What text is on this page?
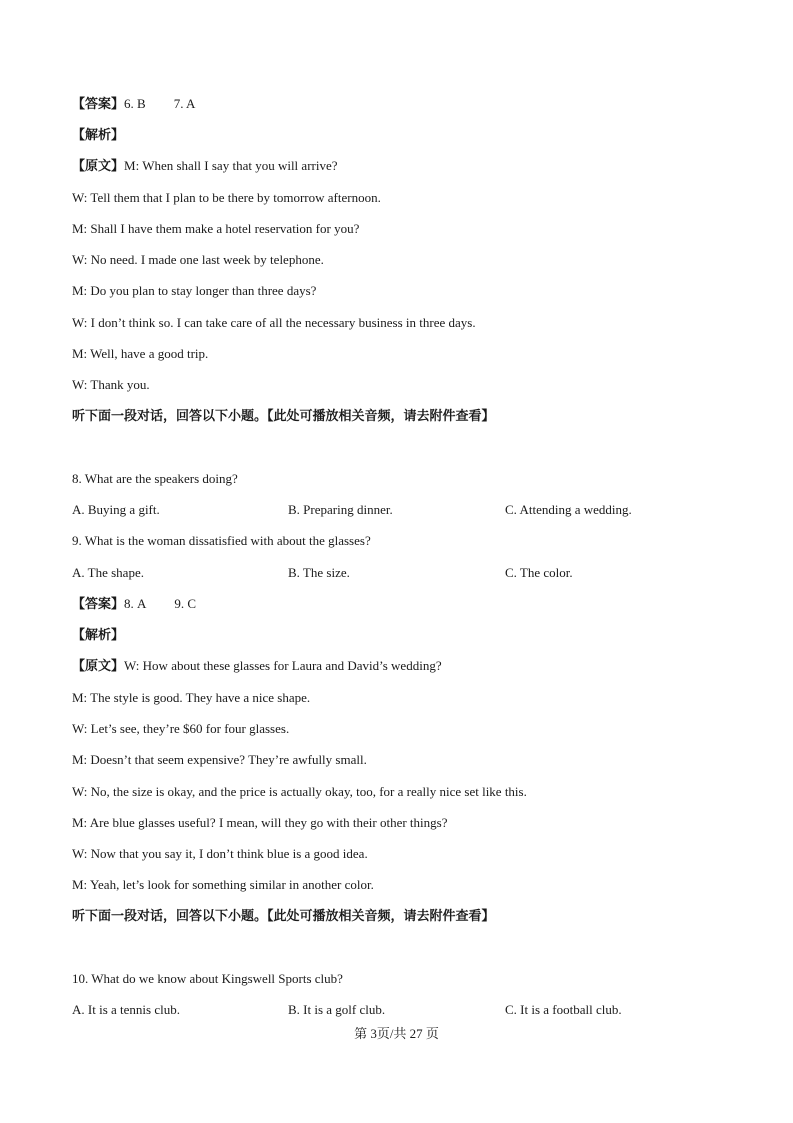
【答案】6. B 7. A
【解析】
【原文】M: When shall I say that you will arrive?
W: Tell them that I plan to be there by tomorrow afternoon.
M: Shall I have them make a hotel reservation for you?
W: No need. I made one last week by telephone.
M: Do you plan to stay longer than three days?
W: I don’t think so. I can take care of all the necessary business in three days.
M: Well, have a good trip.
W: Thank you.
听下面一段对话，回答以下小题。【此处可播放相关音频，请去附件查看】
8. What are the speakers doing?
A. Buying a gift.	B. Preparing dinner.	C. Attending a wedding.
9. What is the woman dissatisfied with about the glasses?
A. The shape.	B. The size.	C. The color.
【答案】8. A 9. C
【解析】
【原文】W: How about these glasses for Laura and David’s wedding?
M: The style is good. They have a nice shape.
W: Let’s see, they’re $60 for four glasses.
M: Doesn’t that seem expensive? They’re awfully small.
W: No, the size is okay, and the price is actually okay, too, for a really nice set like this.
M: Are blue glasses useful? I mean, will they go with their other things?
W: Now that you say it, I don’t think blue is a good idea.
M: Yeah, let’s look for something similar in another color.
听下面一段对话，回答以下小题。【此处可播放相关音频，请去附件查看】
10. What do we know about Kingswell Sports club?
A. It is a tennis club.	B. It is a golf club.	C. It is a football club.
第 3页/共 27 页
